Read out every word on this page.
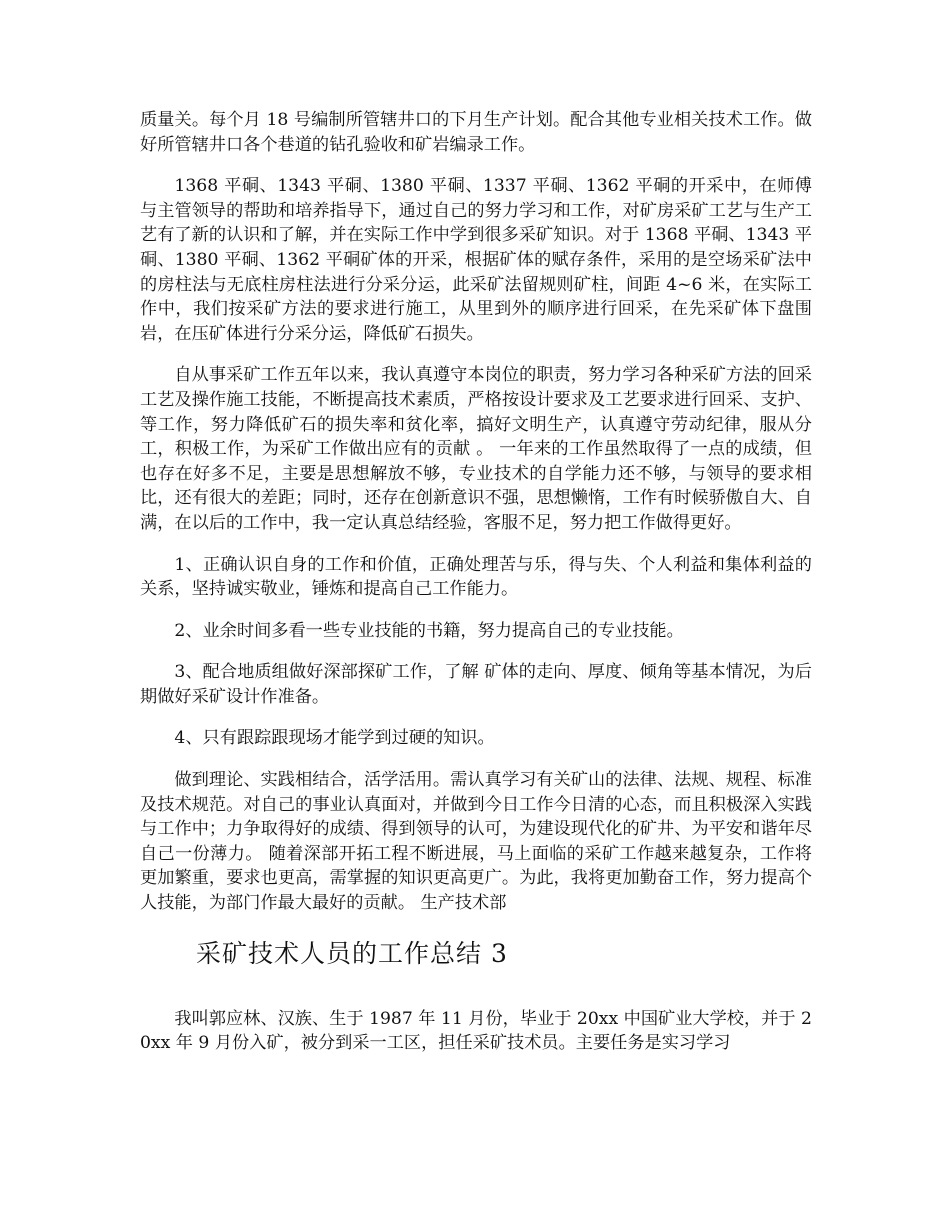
质量关。每个月 18 号编制所管辖井口的下月生产计划。配合其他专业相关技术工作。做好所管辖井口各个巷道的钻孔验收和矿岩编录工作。

1368 平硐、1343 平硐、1380 平硐、1337 平硐、1362 平硐的开采中，在师傅与主管领导的帮助和培养指导下，通过自己的努力学习和工作，对矿房采矿工艺与生产工艺有了新的认识和了解，并在实际工作中学到很多采矿知识。对于 1368 平硐、1343 平硐、1380 平硐、1362 平硐矿体的开采，根据矿体的赋存条件，采用的是空场采矿法中的房柱法与无底柱房柱法进行分采分运，此采矿法留规则矿柱，间距 4~6 米，在实际工作中，我们按采矿方法的要求进行施工，从里到外的顺序进行回采，在先采矿体下盘围岩，在压矿体进行分采分运，降低矿石损失。

自从事采矿工作五年以来，我认真遵守本岗位的职责，努力学习各种采矿方法的回采工艺及操作施工技能，不断提高技术素质，严格按设计要求及工艺要求进行回采、支护、等工作，努力降低矿石的损失率和贫化率，搞好文明生产，认真遵守劳动纪律，服从分工，积极工作，为采矿工作做出应有的贡献 。 一年来的工作虽然取得了一点的成绩，但也存在好多不足，主要是思想解放不够，专业技术的自学能力还不够，与领导的要求相比，还有很大的差距；同时，还存在创新意识不强，思想懒惰，工作有时候骄傲自大、自满，在以后的工作中，我一定认真总结经验，客服不足，努力把工作做得更好。

1、正确认识自身的工作和价值，正确处理苦与乐，得与失、个人利益和集体利益的关系，坚持诚实敬业，锤炼和提高自己工作能力。

2、业余时间多看一些专业技能的书籍，努力提高自己的专业技能。

3、配合地质组做好深部探矿工作，了解 矿体的走向、厚度、倾角等基本情况，为后期做好采矿设计作准备。

4、只有跟踪跟现场才能学到过硬的知识。

做到理论、实践相结合，活学活用。需认真学习有关矿山的法律、法规、规程、标准及技术规范。对自己的事业认真面对，并做到今日工作今日清的心态，而且积极深入实践与工作中；力争取得好的成绩、得到领导的认可，为建设现代化的矿井、为平安和谐年尽自己一份薄力。 随着深部开拓工程不断进展，马上面临的采矿工作越来越复杂，工作将更加繁重，要求也更高，需掌握的知识更高更广。为此，我将更加勤奋工作，努力提高个人技能，为部门作最大最好的贡献。 生产技术部

采矿技术人员的工作总结 3

我叫郭应林、汉族、生于 1987 年 11 月份，毕业于 20xx 中国矿业大学校，并于 20xx 年 9 月份入矿，被分到采一工区，担任采矿技术员。主要任务是实习学习
